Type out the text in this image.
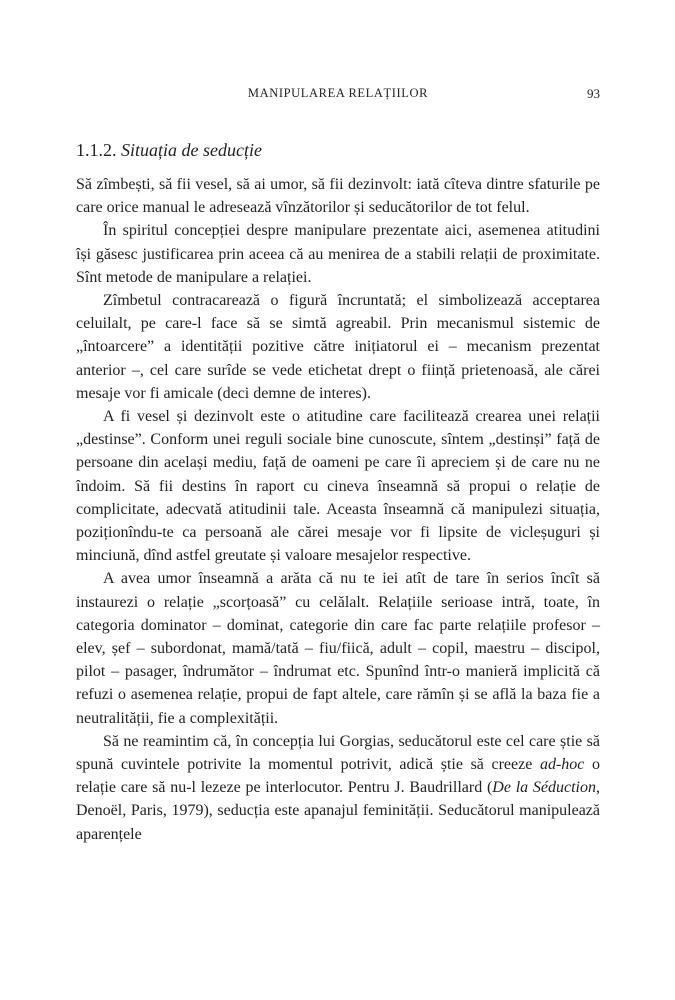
MANIPULAREA RELAȚIILOR	93
1.1.2. Situația de seducție

Să zîmbești, să fii vesel, să ai umor, să fii dezinvolt: iată cîteva dintre sfaturile pe care orice manual le adresează vînzătorilor și seducătorilor de tot felul.

În spiritul concepției despre manipulare prezentate aici, asemenea atitudini își găsesc justificarea prin aceea că au menirea de a stabili relații de proximitate. Sînt metode de manipulare a relației.

Zîmbetul contracarează o figură încruntată; el simbolizează acceptarea celuilalt, pe care-l face să se simtă agreabil. Prin mecanismul sistemic de „întoarcere” a identității pozitive către inițiatorul ei – mecanism prezentat anterior –, cel care surîde se vede etichetat drept o ființă prietenoasă, ale cărei mesaje vor fi amicale (deci demne de interes).

A fi vesel și dezinvolt este o atitudine care facilitează crearea unei relații „destinse”. Conform unei reguli sociale bine cunoscute, sîntem „destinși” față de persoane din același mediu, față de oameni pe care îi apreciem și de care nu ne îndoim. Să fii destins în raport cu cineva înseamnă să propui o relație de complicitate, adecvată atitudinii tale. Aceasta înseamnă că manipulezi situația, poziționîndu-te ca persoană ale cărei mesaje vor fi lipsite de vicleșuguri și minciună, dînd astfel greutate și valoare mesajelor respective.

A avea umor înseamnă a arăta că nu te iei atît de tare în serios încît să instaurezi o relație „scorțoasă” cu celălalt. Relațiile serioase intră, toate, în categoria dominator – dominat, categorie din care fac parte relațiile profesor – elev, șef – subordonat, mamă/tată – fiu/fiică, adult – copil, maestru – discipol, pilot – pasager, îndrumător – îndrumat etc. Spunînd într-o manieră implicită că refuzi o asemenea relație, propui de fapt altele, care rămîn și se află la baza fie a neutralității, fie a complexității.

Să ne reamintim că, în concepția lui Gorgias, seducătorul este cel care știe să spună cuvintele potrivite la momentul potrivit, adică știe să creeze ad-hoc o relație care să nu-l lezeze pe interlocutor. Pentru J. Baudrillard (De la Séduction, Denoël, Paris, 1979), seducția este apanajul feminității. Seducătorul manipulează aparențele
